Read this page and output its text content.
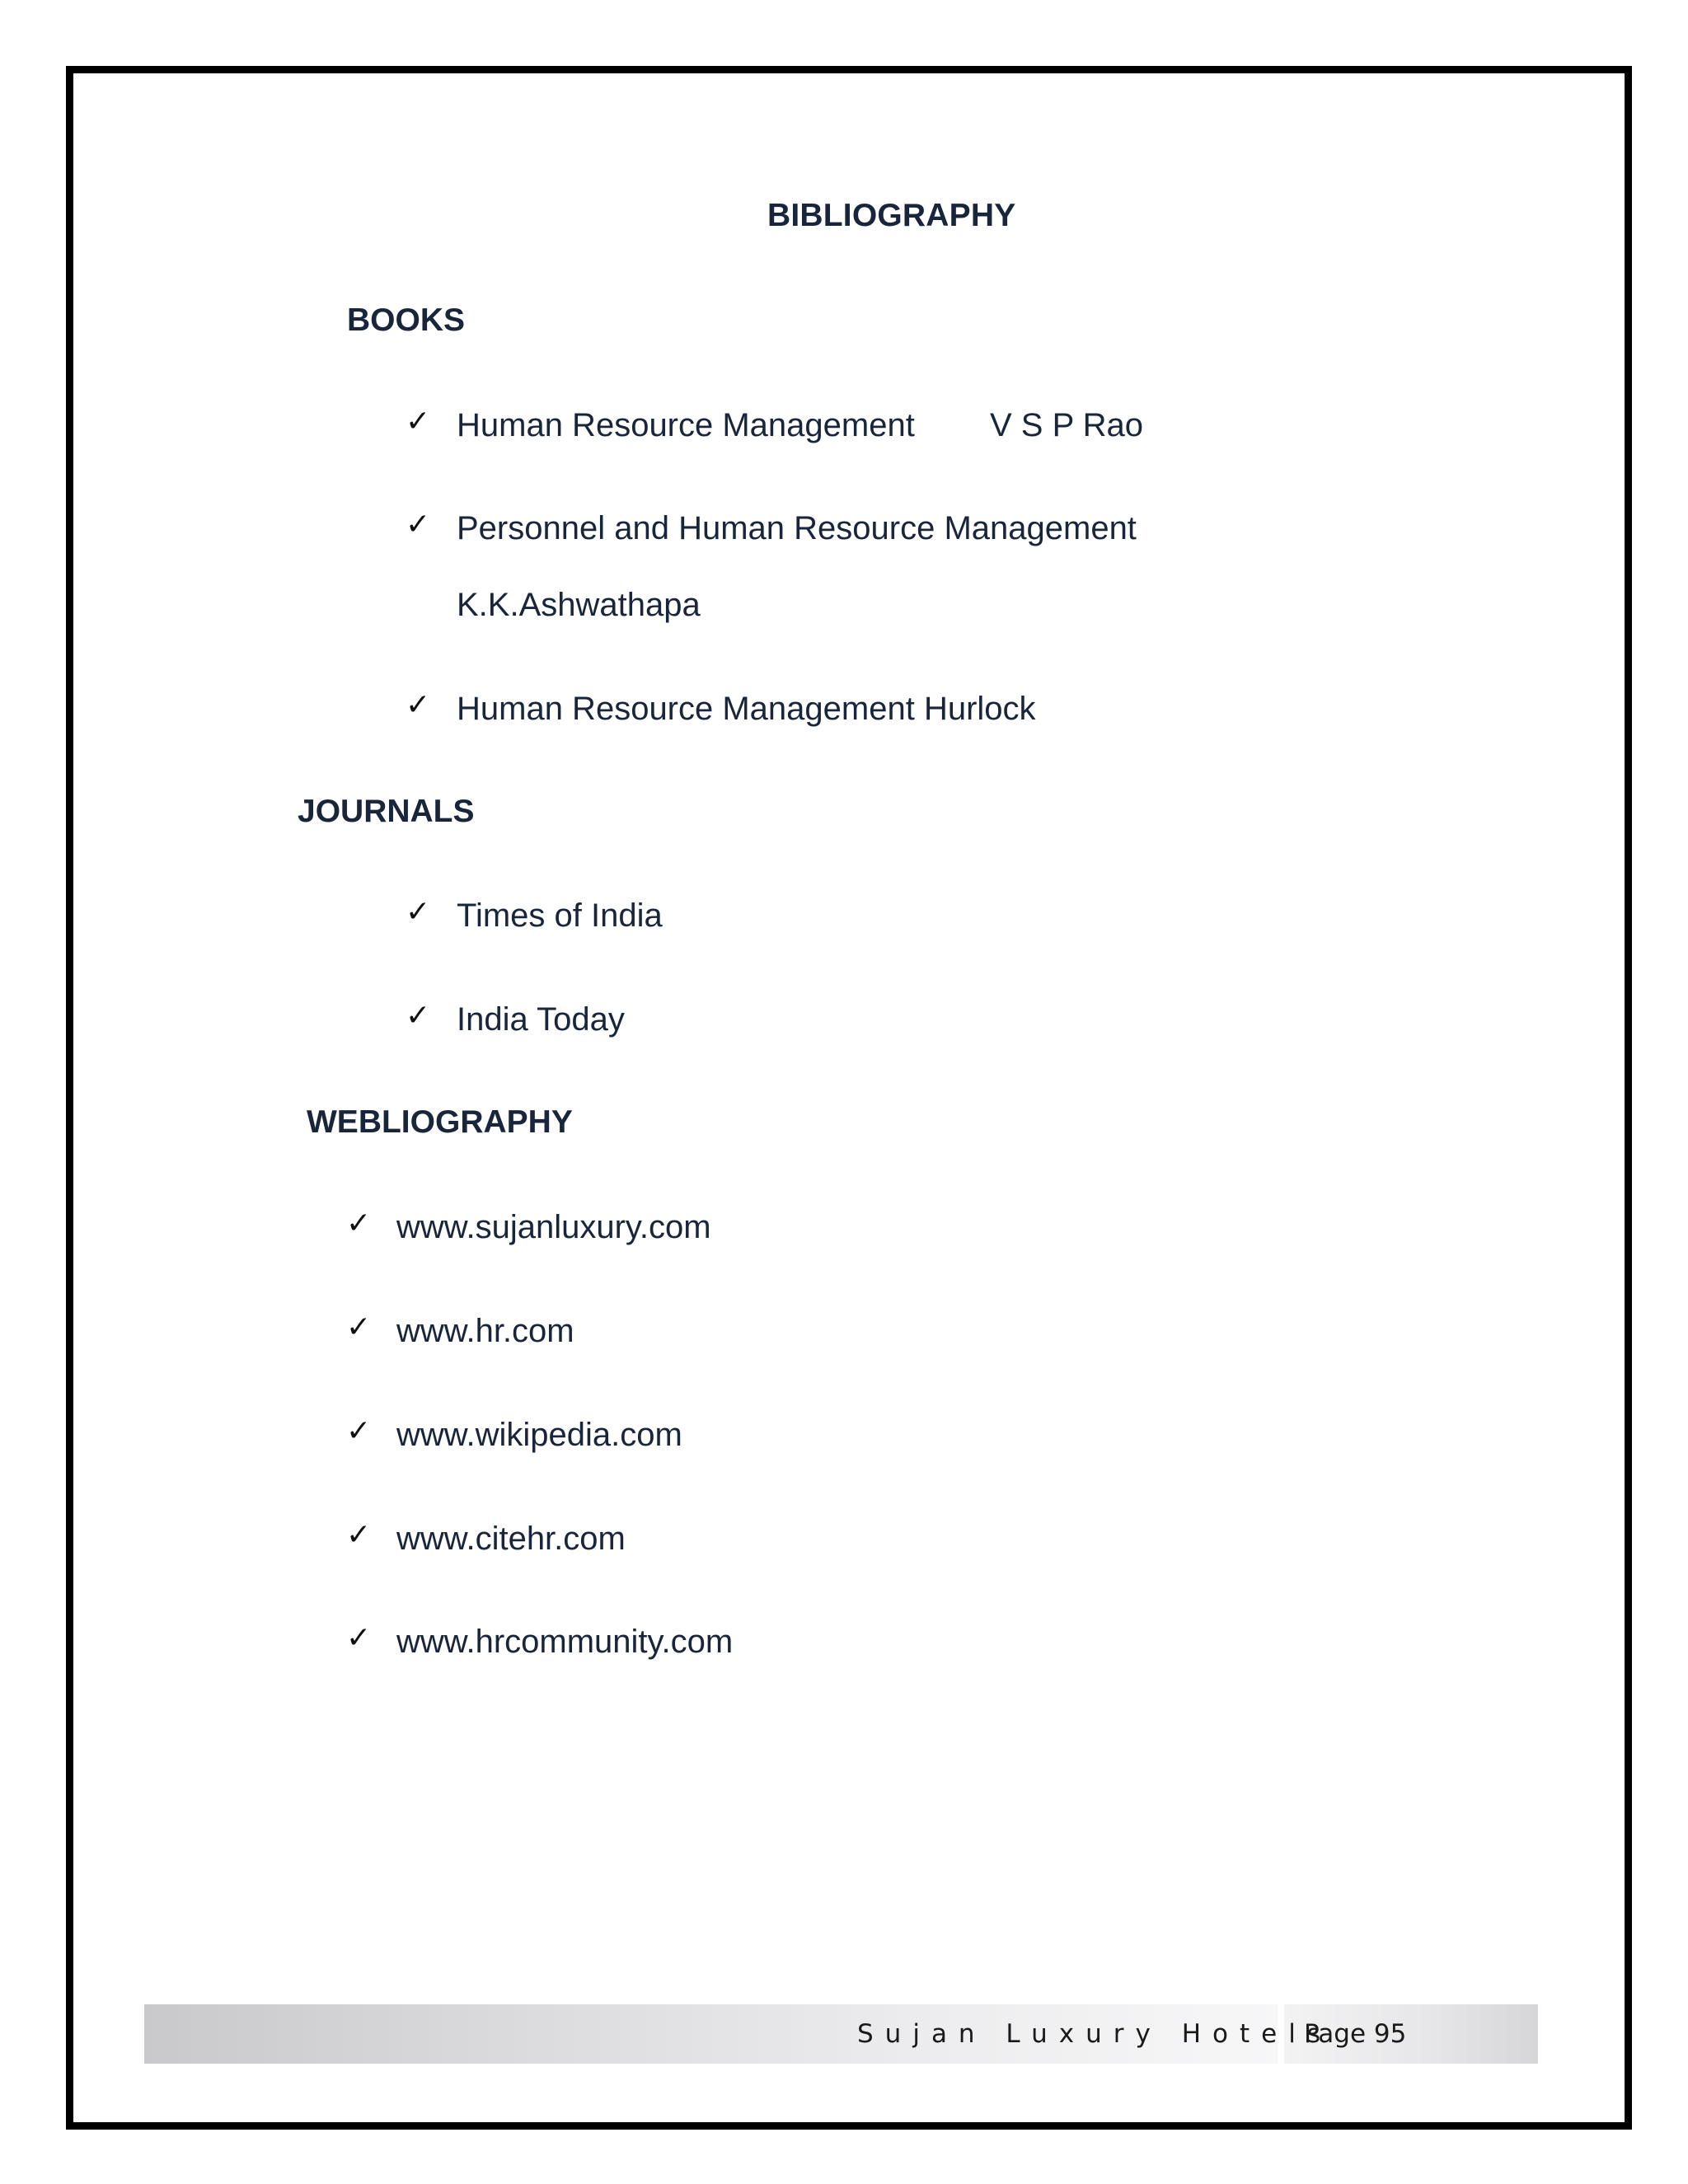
BIBLIOGRAPHY
BOOKS
✓ Human Resource Management V S P Rao
✓ Personnel and Human Resource Management
K.K.Ashwathapa
✓ Human Resource Management Hurlock
JOURNALS
✓ Times of India
✓ India Today
WEBLIOGRAPHY
✓ www.sujanluxury.com
✓ www.hr.com
✓ www.wikipedia.com
✓ www.citehr.com
✓ www.hrcommunity.com
Sujan Luxury Hotels
Page 95
